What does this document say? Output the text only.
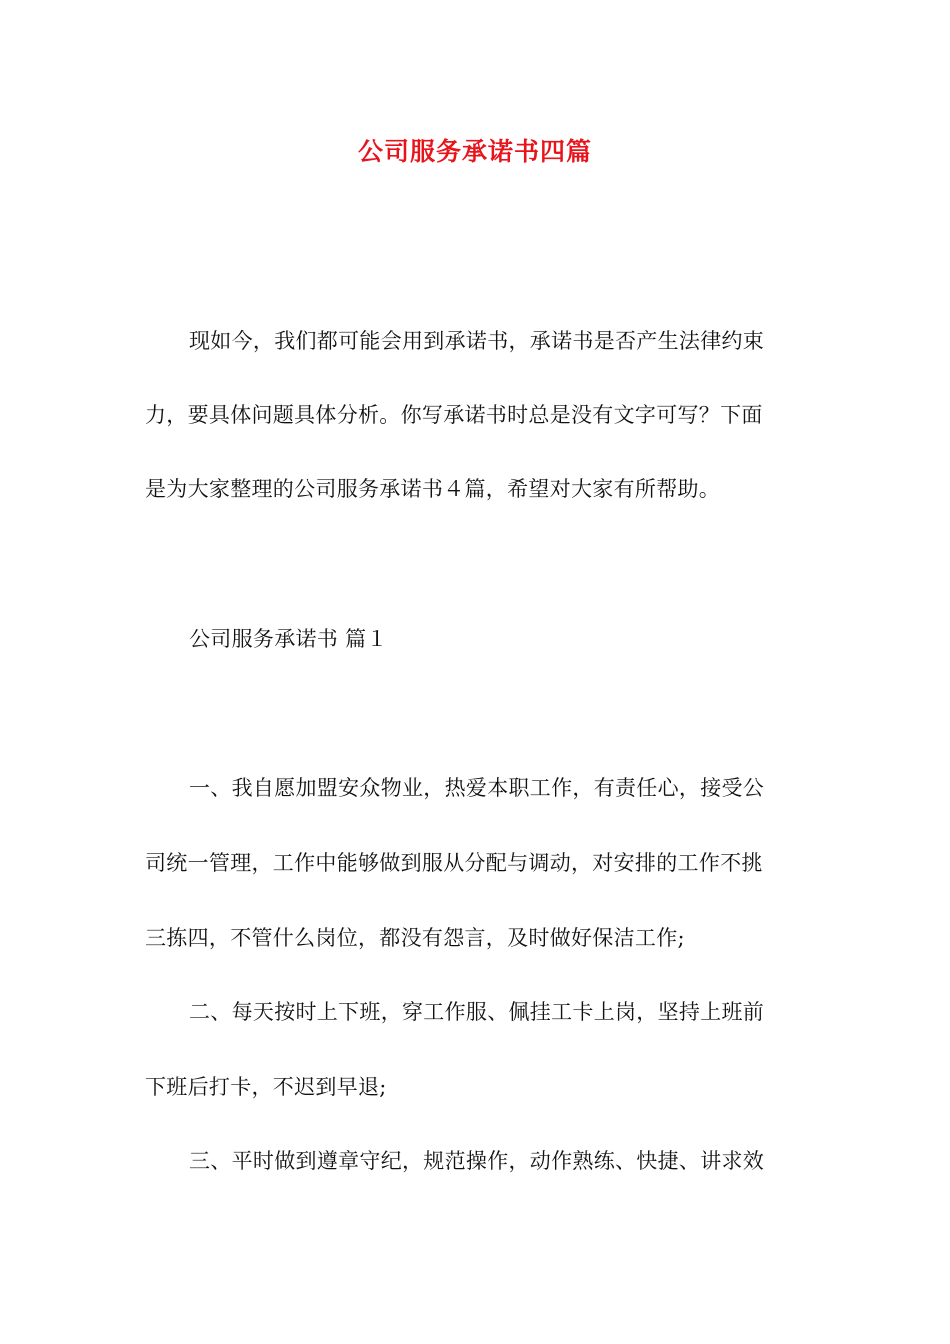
公司服务承诺书四篇
现如今，我们都可能会用到承诺书，承诺书是否产生法律约束
力，要具体问题具体分析。你写承诺书时总是没有文字可写？下面
是为大家整理的公司服务承诺书４篇，希望对大家有所帮助。
公司服务承诺书 篇１
一、我自愿加盟安众物业，热爱本职工作，有责任心，接受公
司统一管理，工作中能够做到服从分配与调动，对安排的工作不挑
三拣四，不管什么岗位，都没有怨言，及时做好保洁工作;
二、每天按时上下班，穿工作服、佩挂工卡上岗，坚持上班前
下班后打卡，不迟到早退;
三、平时做到遵章守纪，规范操作，动作熟练、快捷、讲求效
